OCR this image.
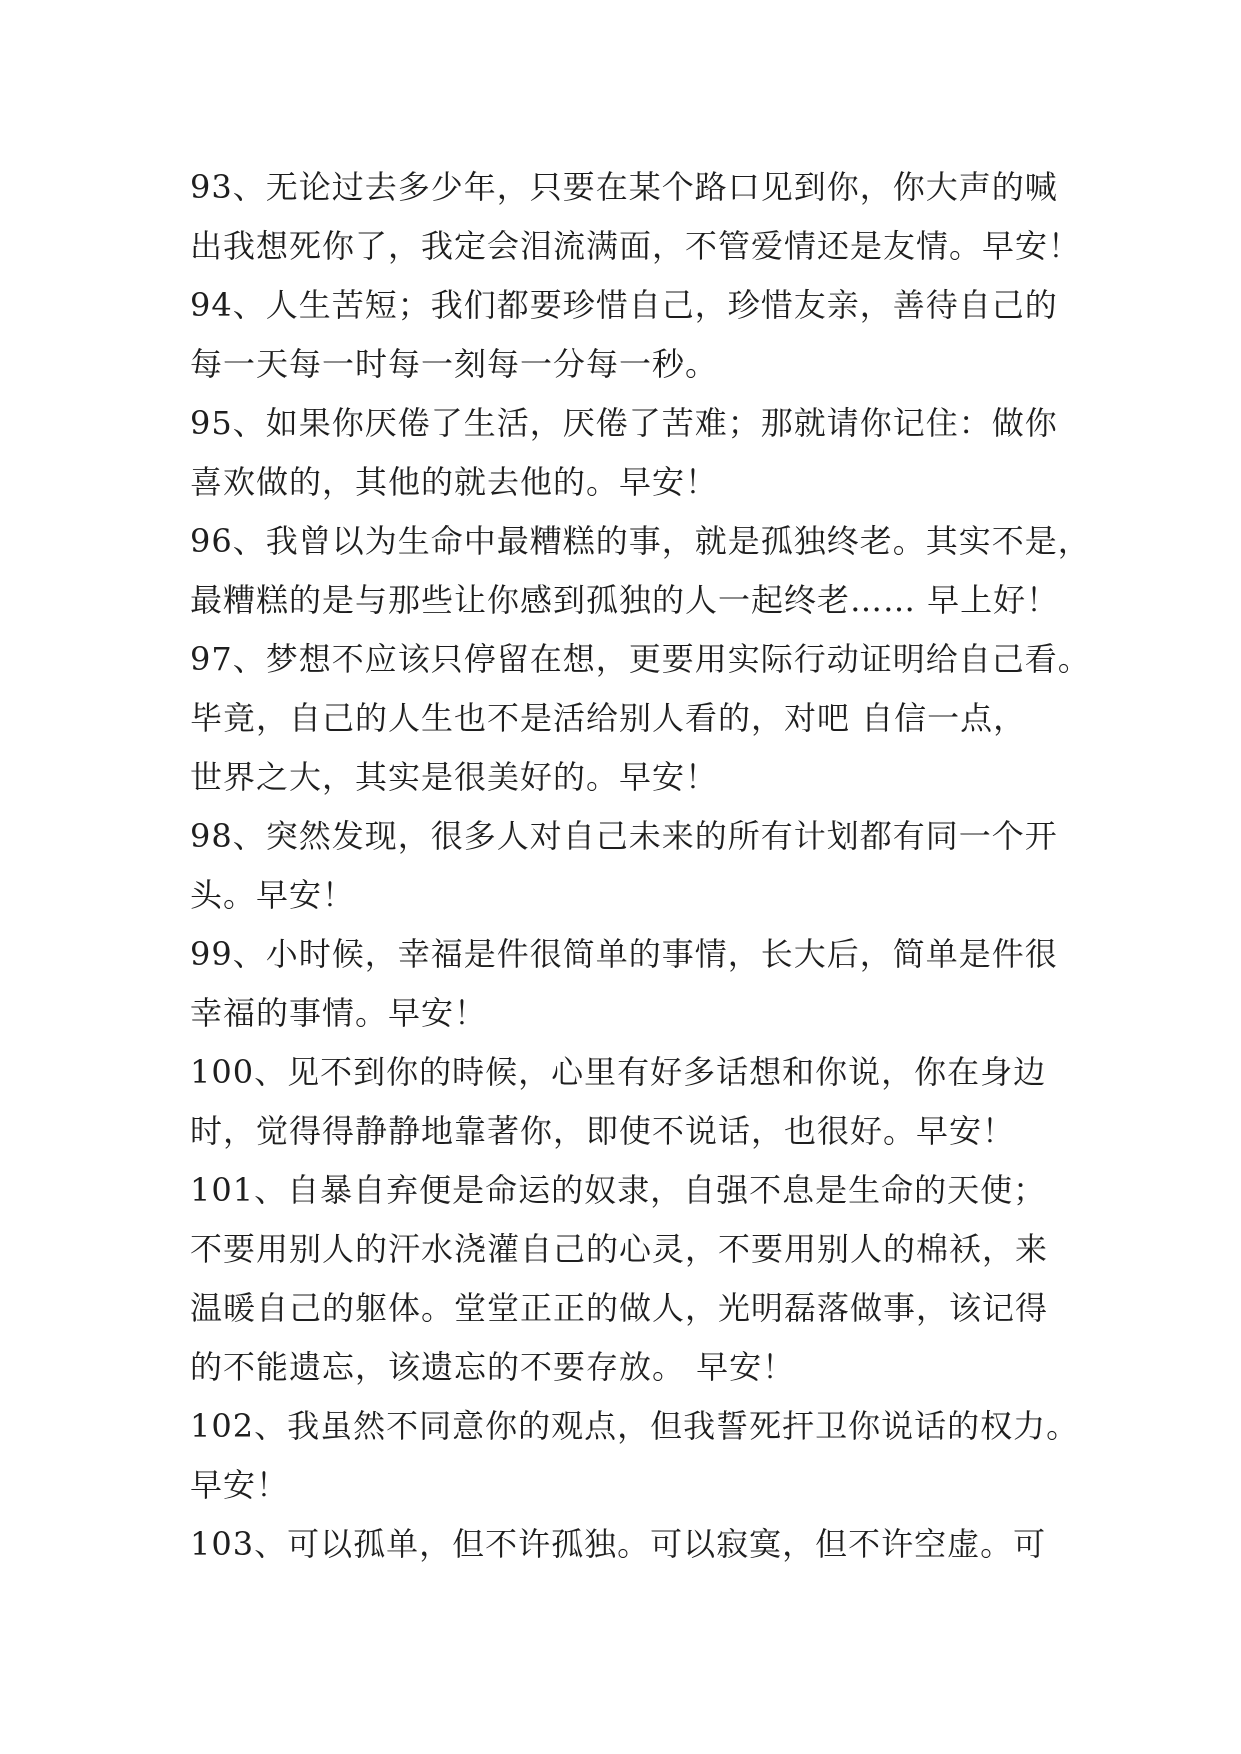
93、无论过去多少年，只要在某个路口见到你，你大声的喊
出我想死你了，我定会泪流满面，不管爱情还是友情。早安！
94、人生苦短；我们都要珍惜自己，珍惜友亲，善待自己的
每一天每一时每一刻每一分每一秒。
95、如果你厌倦了生活，厌倦了苦难；那就请你记住：做你
喜欢做的，其他的就去他的。早安！
96、我曾以为生命中最糟糕的事，就是孤独终老。其实不是，
最糟糕的是与那些让你感到孤独的人一起终老…… 早上好！
97、梦想不应该只停留在想，更要用实际行动证明给自己看。
毕竟，自己的人生也不是活给别人看的，对吧 自信一点，
世界之大，其实是很美好的。早安！
98、突然发现，很多人对自己未来的所有计划都有同一个开
头。早安！
99、小时候，幸福是件很简单的事情，长大后，简单是件很
幸福的事情。早安！
100、见不到你的時候，心里有好多话想和你说，你在身边
时，觉得得静静地靠著你，即使不说话，也很好。早安！
101、自暴自弃便是命运的奴隶，自强不息是生命的天使；
不要用别人的汗水浇灌自己的心灵，不要用别人的棉袄，来
温暖自己的躯体。堂堂正正的做人，光明磊落做事，该记得
的不能遗忘，该遗忘的不要存放。 早安！
102、我虽然不同意你的观点，但我誓死扞卫你说话的权力。
早安！
103、可以孤单，但不许孤独。可以寂寞，但不许空虚。可
